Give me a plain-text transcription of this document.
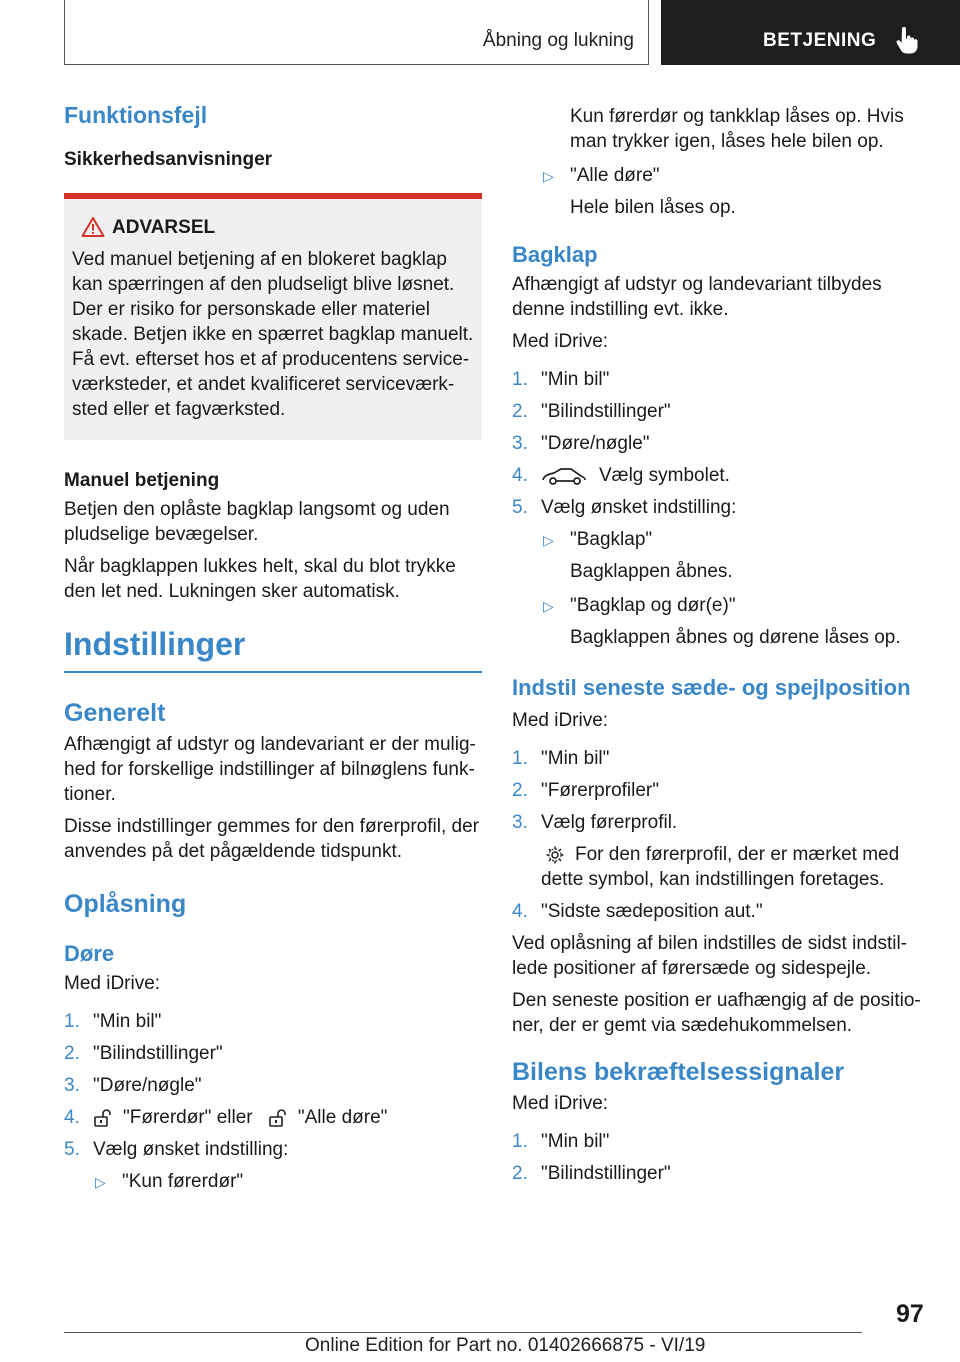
Åbning og lukning	BETJENING
Funktionsfejl
Sikkerhedsanvisninger
ADVARSEL
Ved manuel betjening af en blokeret bagklap kan spærringen af den pludseligt blive løsnet. Der er risiko for personskade eller materiel skade. Betjen ikke en spærret bagklap manuelt. Få evt. efterset hos et af producentens service-værksteder, et andet kvalificeret serviceværk-sted eller et fagværksted.
Manuel betjening
Betjen den oplåste bagklap langsomt og uden pludselige bevægelser.
Når bagklappen lukkes helt, skal du blot trykke den let ned. Lukningen sker automatisk.
Indstillinger
Generelt
Afhængigt af udstyr og landevariant er der mulig-hed for forskellige indstillinger af bilnøglens funk-tioner.
Disse indstillinger gemmes for den førerprofil, der anvendes på det pågældende tidspunkt.
Oplåsning
Døre
Med iDrive:
1. "Min bil"
2. "Bilindstillinger"
3. "Døre/nøgle"
4. "Førerdør" eller "Alle døre"
5. Vælg ønsket indstilling:
▷ "Kun førerdør"
Kun førerdør og tankklap låses op. Hvis man trykker igen, låses hele bilen op.
▷ "Alle døre"
Hele bilen låses op.
Bagklap
Afhængigt af udstyr og landevariant tilbydes denne indstilling evt. ikke.
Med iDrive:
1. "Min bil"
2. "Bilindstillinger"
3. "Døre/nøgle"
4.	Vælg symbolet.
5. Vælg ønsket indstilling:
▷ "Bagklap"
Bagklappen åbnes.
▷ "Bagklap og dør(e)"
Bagklappen åbnes og dørene låses op.
Indstil seneste sæde- og spejlposition
Med iDrive:
1. "Min bil"
2. "Førerprofiler"
3. Vælg førerprofil.
For den førerprofil, der er mærket med dette symbol, kan indstillingen foretages.
4. "Sidste sædeposition aut."
Ved oplåsning af bilen indstilles de sidst indstil-lede positioner af førersæde og sidespejle.
Den seneste position er uafhængig af de positio-ner, der er gemt via sædehukommelsen.
Bilens bekræftelsessignaler
Med iDrive:
1. "Min bil"
2. "Bilindstillinger"
97
Online Edition for Part no. 01402666875 - VI/19
